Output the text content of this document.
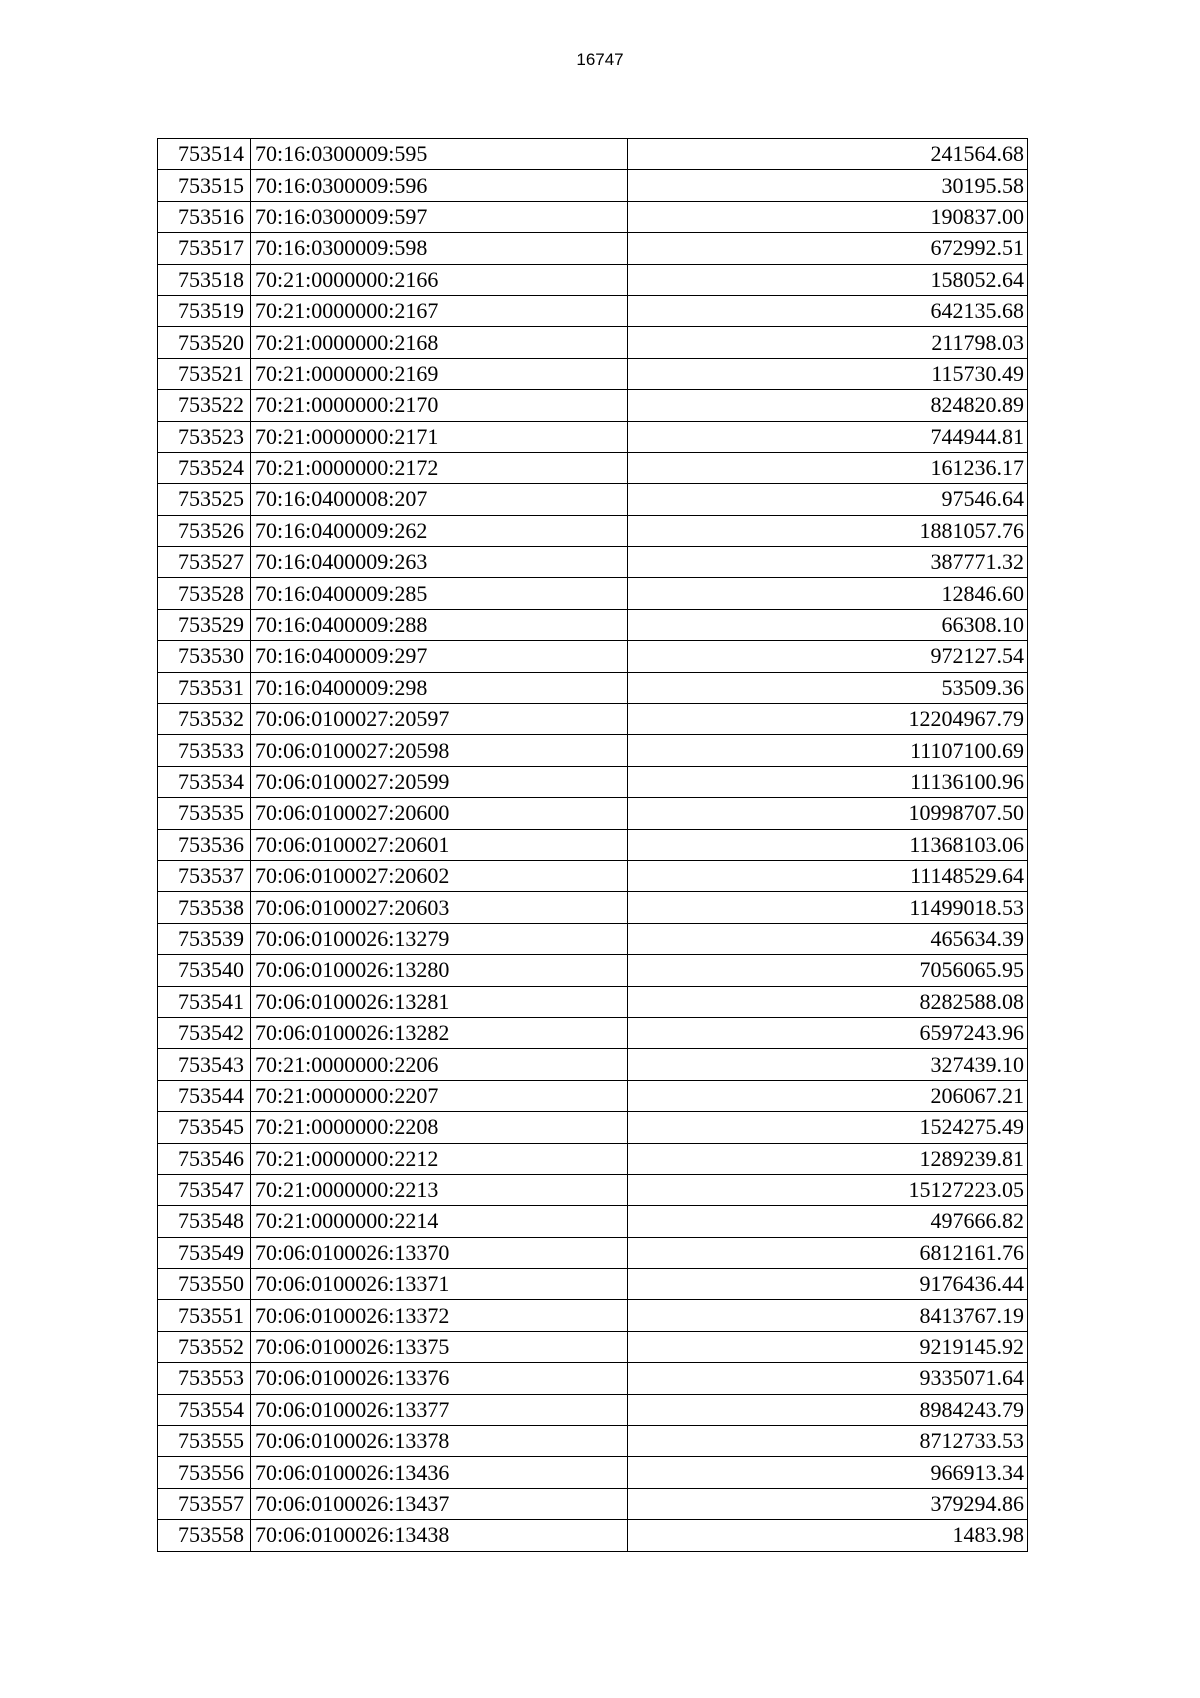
16747
753514	70:16:0300009:595	241564.68
753515	70:16:0300009:596	30195.58
753516	70:16:0300009:597	190837.00
753517	70:16:0300009:598	672992.51
753518	70:21:0000000:2166	158052.64
753519	70:21:0000000:2167	642135.68
753520	70:21:0000000:2168	211798.03
753521	70:21:0000000:2169	115730.49
753522	70:21:0000000:2170	824820.89
753523	70:21:0000000:2171	744944.81
753524	70:21:0000000:2172	161236.17
753525	70:16:0400008:207	97546.64
753526	70:16:0400009:262	1881057.76
753527	70:16:0400009:263	387771.32
753528	70:16:0400009:285	12846.60
753529	70:16:0400009:288	66308.10
753530	70:16:0400009:297	972127.54
753531	70:16:0400009:298	53509.36
753532	70:06:0100027:20597	12204967.79
753533	70:06:0100027:20598	11107100.69
753534	70:06:0100027:20599	11136100.96
753535	70:06:0100027:20600	10998707.50
753536	70:06:0100027:20601	11368103.06
753537	70:06:0100027:20602	11148529.64
753538	70:06:0100027:20603	11499018.53
753539	70:06:0100026:13279	465634.39
753540	70:06:0100026:13280	7056065.95
753541	70:06:0100026:13281	8282588.08
753542	70:06:0100026:13282	6597243.96
753543	70:21:0000000:2206	327439.10
753544	70:21:0000000:2207	206067.21
753545	70:21:0000000:2208	1524275.49
753546	70:21:0000000:2212	1289239.81
753547	70:21:0000000:2213	15127223.05
753548	70:21:0000000:2214	497666.82
753549	70:06:0100026:13370	6812161.76
753550	70:06:0100026:13371	9176436.44
753551	70:06:0100026:13372	8413767.19
753552	70:06:0100026:13375	9219145.92
753553	70:06:0100026:13376	9335071.64
753554	70:06:0100026:13377	8984243.79
753555	70:06:0100026:13378	8712733.53
753556	70:06:0100026:13436	966913.34
753557	70:06:0100026:13437	379294.86
753558	70:06:0100026:13438	1483.98
